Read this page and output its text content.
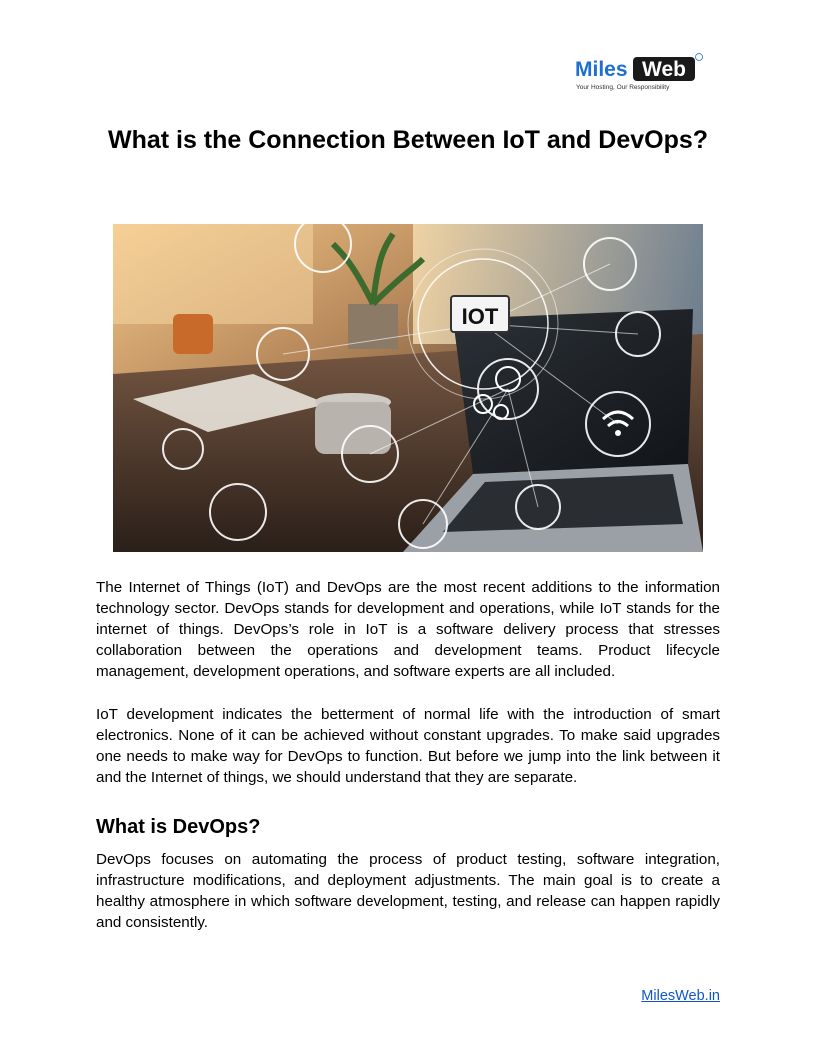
Miles Web
Your Hosting, Our Responsibility
What is the Connection Between IoT and DevOps?
IOT

The Internet of Things (IoT) and DevOps are the most recent additions to the information technology sector. DevOps stands for development and operations, while IoT stands for the internet of things. DevOps’s role in IoT is a software delivery process that stresses collaboration between the operations and development teams. Product lifecycle management, development operations, and software experts are all included.

IoT development indicates the betterment of normal life with the introduction of smart electronics. None of it can be achieved without constant upgrades. To make said upgrades one needs to make way for DevOps to function. But before we jump into the link between it and the Internet of things, we should understand that they are separate.

What is DevOps?

DevOps focuses on automating the process of product testing, software integration, infrastructure modifications, and deployment adjustments. The main goal is to create a healthy atmosphere in which software development, testing, and release can happen rapidly and consistently.

MilesWeb.in
